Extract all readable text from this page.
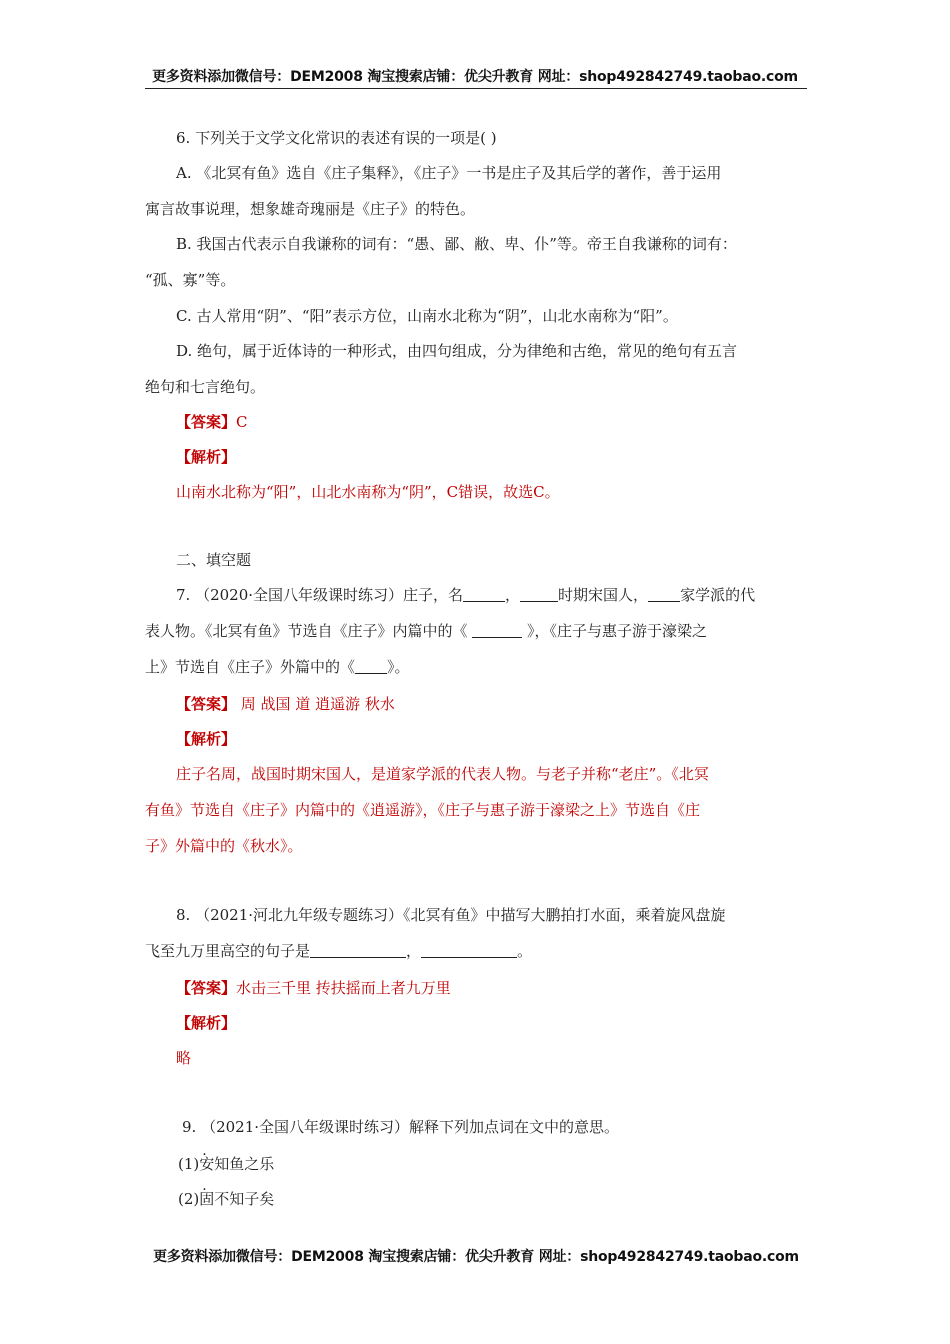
更多资料添加微信号：DEM2008 淘宝搜索店铺：优尖升教育 网址：shop492842749.taobao.com
6. 下列关于文学文化常识的表述有误的一项是( )
A. 《北冥有鱼》选自《庄子集释》，《庄子》一书是庄子及其后学的著作，善于运用
寓言故事说理，想象雄奇瑰丽是《庄子》的特色。
B. 我国古代表示自我谦称的词有：“愚、鄙、敝、卑、仆”等。帝王自我谦称的词有：
“孤、寡”等。
C. 古人常用“阴”、“阳”表示方位，山南水北称为“阴”，山北水南称为“阳”。
D. 绝句，属于近体诗的一种形式，由四句组成，分为律绝和古绝，常见的绝句有五言
绝句和七言绝句。
【答案】C
【解析】
山南水北称为“阳”，山北水南称为“阴”，C错误，故选C。
二、填空题
7. （2020·全国八年级课时练习）庄子，名	，	时期宋国人， 家学派的代
表人物。《北冥有鱼》节选自《庄子》内篇中的《	》，《庄子与惠子游于濠梁之
上》节选自《庄子》外篇中的《 》。
【答案】 周 战国 道 逍遥游 秋水
【解析】
庄子名周，战国时期宋国人，是道家学派的代表人物。与老子并称“老庄”。《北冥
有鱼》节选自《庄子》内篇中的《逍遥游》，《庄子与惠子游于濠梁之上》节选自《庄
子》外篇中的《秋水》。
8. （2021·河北九年级专题练习）《北冥有鱼》中描写大鹏拍打水面，乘着旋风盘旋
飞至九万里高空的句子是	，	。
【答案】水击三千里 抟扶摇而上者九万里
【解析】
略
9. （2021·全国八年级课时练习）解释下列加点词在文中的意思。
(1)安知鱼之乐
(2)固不知子矣
更多资料添加微信号：DEM2008 淘宝搜索店铺：优尖升教育 网址：shop492842749.taobao.com
